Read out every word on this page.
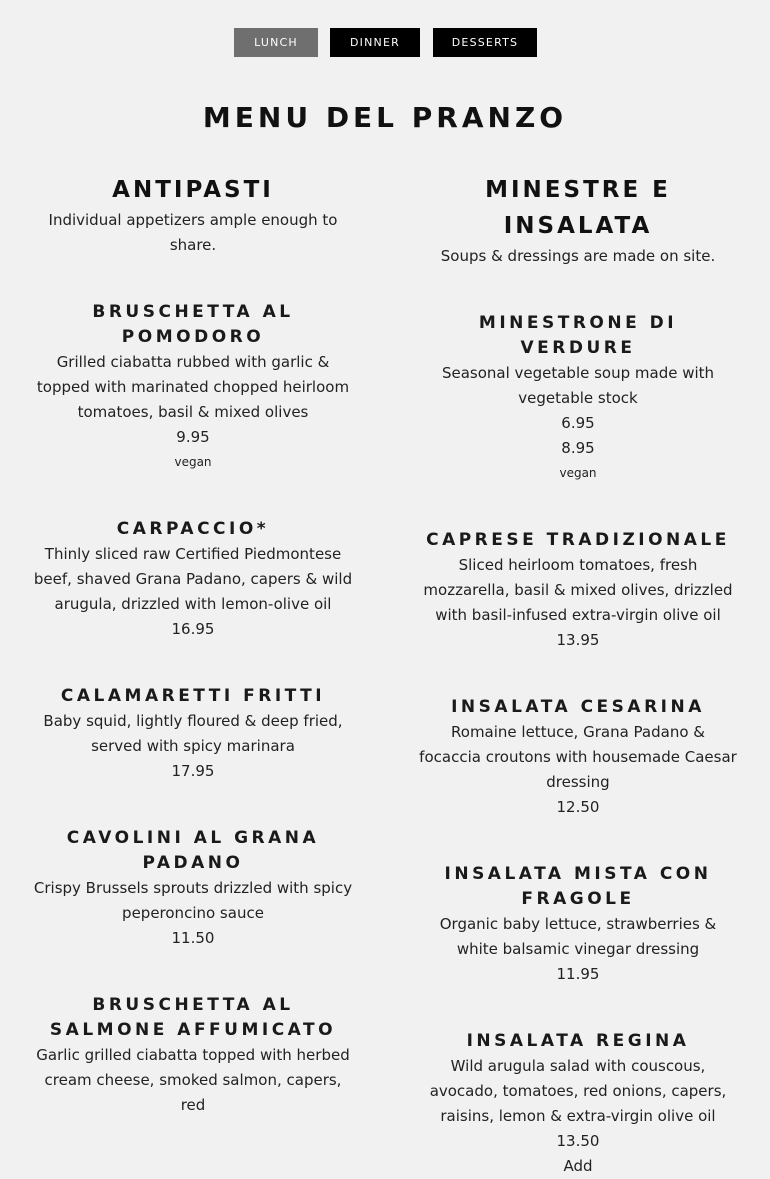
LUNCH	DINNER	DESSERTS
MENU DEL PRANZO
ANTIPASTI

Individual appetizers ample enough to share.

BRUSCHETTA AL POMODORO

Grilled ciabatta rubbed with garlic & topped with marinated chopped heirloom tomatoes, basil & mixed olives

9.95

vegan

CARPACCIO*

Thinly sliced raw Certified Piedmontese beef, shaved Grana Padano, capers & wild arugula, drizzled with lemon-olive oil

16.95

CALAMARETTI FRITTI

Baby squid, lightly floured & deep fried, served with spicy marinara

17.95

CAVOLINI AL GRANA PADANO

Crispy Brussels sprouts drizzled with spicy peperoncino sauce

11.50

BRUSCHETTA AL SALMONE AFFUMICATO

Garlic grilled ciabatta topped with herbed cream cheese, smoked salmon, capers, red

MINESTRE E INSALATA

Soups & dressings are made on site.

MINESTRONE DI VERDURE

Seasonal vegetable soup made with vegetable stock

6.95

8.95

vegan

CAPRESE TRADIZIONALE

Sliced heirloom tomatoes, fresh mozzarella, basil & mixed olives, drizzled with basil-infused extra-virgin olive oil

13.95

INSALATA CESARINA

Romaine lettuce, Grana Padano & focaccia croutons with housemade Caesar dressing

12.50

INSALATA MISTA CON FRAGOLE

Organic baby lettuce, strawberries & white balsamic vinegar dressing

11.95

INSALATA REGINA

Wild arugula salad with couscous, avocado, tomatoes, red onions, capers, raisins, lemon & extra-virgin olive oil

13.50

Add
